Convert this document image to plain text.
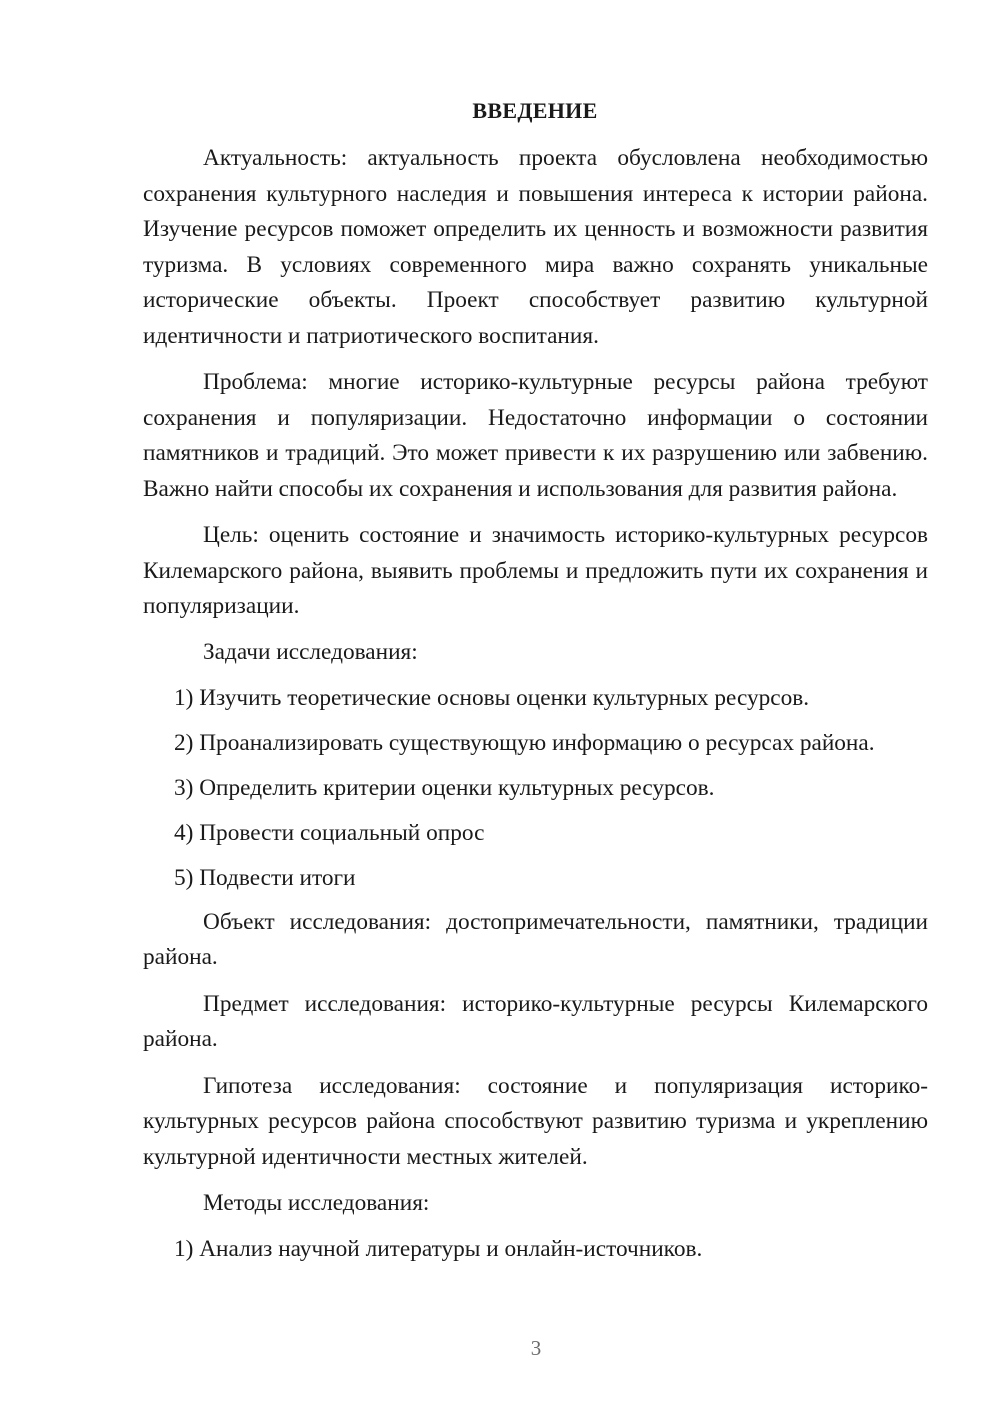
ВВЕДЕНИЕ

Актуальность: актуальность проекта обусловлена необходимостью сохранения культурного наследия и повышения интереса к истории района. Изучение ресурсов поможет определить их ценность и возможности развития туризма. В условиях современного мира важно сохранять уникальные исторические объекты. Проект способствует развитию культурной идентичности и патриотического воспитания.

Проблема: многие историко-культурные ресурсы района требуют сохранения и популяризации. Недостаточно информации о состоянии памятников и традиций. Это может привести к их разрушению или забвению. Важно найти способы их сохранения и использования для развития района.

Цель: оценить состояние и значимость историко-культурных ресурсов Килемарского района, выявить проблемы и предложить пути их сохранения и популяризации.

Задачи исследования:

1) Изучить теоретические основы оценки культурных ресурсов.

2) Проанализировать существующую информацию о ресурсах района.

3) Определить критерии оценки культурных ресурсов.

4) Провести социальный опрос

5) Подвести итоги

Объект исследования: достопримечательности, памятники, традиции района.

Предмет исследования: историко-культурные ресурсы Килемарского района.

Гипотеза исследования: состояние и популяризация историко-культурных ресурсов района способствуют развитию туризма и укреплению культурной идентичности местных жителей.

Методы исследования:

1) Анализ научной литературы и онлайн-источников.

3
